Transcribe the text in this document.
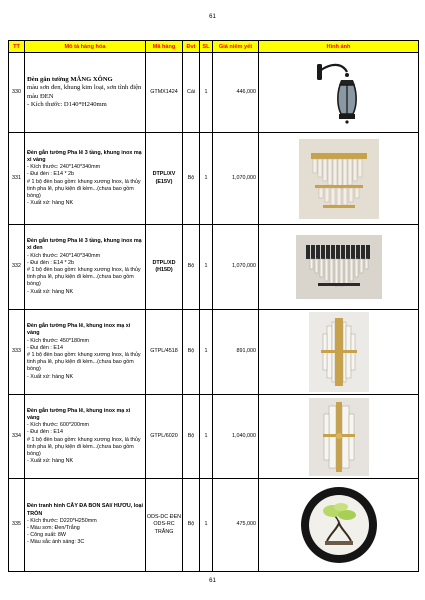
61
TT	Mô tả hàng hóa	Mã hàng	Đvt	SL	Giá niêm yết	Hình ảnh
330	Đèn gắn tường MĂNG XÔNG
màu sơn đen, khung kim loại, sơn tĩnh điện màu ĐEN
- Kích thước: D140*H240mm	GTMX1424	Cái	1	446,000	

331	Đèn gắn tường Pha lê 3 tầng, khung inox mạ xi vàng
- Kích thước: 240*140*340mm
- Đui đèn : E14 * 2b
# 1 bộ đèn bao gồm: khung xương Inox, lá thủy tinh pha lê, phụ kiện đi kèm...(chưa bao gồm bóng)
- Xuất xứ: hàng NK	DTPL/XV (E15V)	Bộ	1	1,070,000	

332	Đèn gắn tường Pha lê 3 tầng, khung inox mạ xi đen
- Kích thước: 240*140*340mm
- Đui đèn : E14 * 2b
# 1 bộ đèn bao gồm: khung xương Inox, lá thủy tinh pha lê, phụ kiện đi kèm...(chưa bao gồm bóng)
- Xuất xứ: hàng NK	DTPL/XD (H15D)	Bộ	1	1,070,000	

333	Đèn gắn tường Pha lê, khung inox mạ xi vàng
- Kích thước: 450*180mm
- Đui đèn : E14
# 1 bộ đèn bao gồm: khung xương Inox, lá thủy tinh pha lê, phụ kiện đi kèm...(chưa bao gồm bóng)
- Xuất xứ: hàng NK	GTPL/4518	Bộ	1	891,000	

334	Đèn gắn tường Pha lê, khung inox mạ xi vàng
- Kích thước: 600*200mm
- Đui đèn : E14
# 1 bộ đèn bao gồm: khung xương Inox, lá thủy tinh pha lê, phụ kiện đi kèm...(chưa bao gồm bóng)
- Xuất xứ: hàng NK	GTPL/6020	Bộ	1	1,040,000	

335	Đèn tranh hình CÂY ĐA BON SAI/ HƯƠU, loại TRÒN
- Kích thước: D220*H250mm
- Màu sơn: Đen/Trắng
- Công suất: 8W
- Màu sắc ánh sáng: 3C	ODS-DC ĐEN ODS-RC TRẮNG	Bộ	1	475,000	
61
